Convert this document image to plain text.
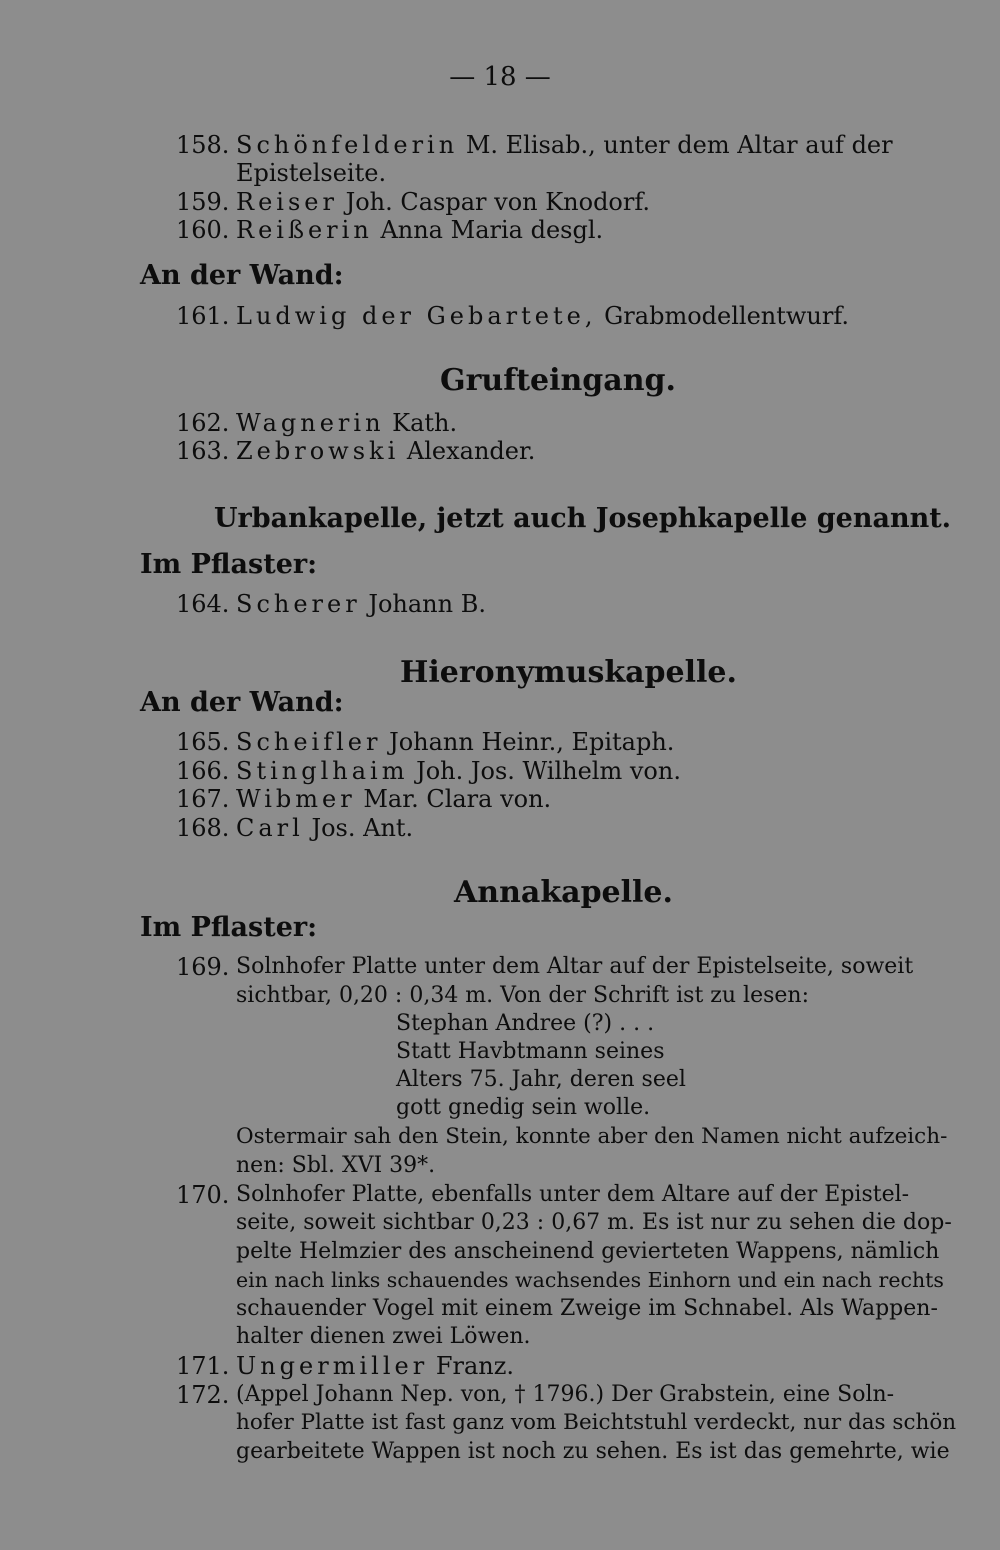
— 18 —
158. Schönfelderin M. Elisab., unter dem Altar auf der
Epistelseite.
159. Reiser Joh. Caspar von Knodorf.
160. Reißerin Anna Maria desgl.
An der Wand:
161. Ludwig der Gebartete, Grabmodellentwurf.
Grufteingang.
162. Wagnerin Kath.
163. Zebrowski Alexander.
Urbankapelle, jetzt auch Josephkapelle genannt.
Im Pflaster:
164. Scherer Johann B.
Hieronymuskapelle.
An der Wand:
165. Scheifler Johann Heinr., Epitaph.
166. Stinglhaim Joh. Jos. Wilhelm von.
167. Wibmer Mar. Clara von.
168. Carl Jos. Ant.
Annakapelle.
Im Pflaster:
169. Solnhofer Platte unter dem Altar auf der Epistelseite, soweit
sichtbar, 0,20 : 0,34 m. Von der Schrift ist zu lesen:
Stephan Andree (?) . . .
Statt Havbtmann seines
Alters 75. Jahr, deren seel
gott gnedig sein wolle.
Ostermair sah den Stein, konnte aber den Namen nicht aufzeich-
nen: Sbl. XVI 39*.
170. Solnhofer Platte, ebenfalls unter dem Altare auf der Epistel-
seite, soweit sichtbar 0,23 : 0,67 m. Es ist nur zu sehen die dop-
pelte Helmzier des anscheinend gevierteten Wappens, nämlich
ein nach links schauendes wachsendes Einhorn und ein nach rechts
schauender Vogel mit einem Zweige im Schnabel. Als Wappen-
halter dienen zwei Löwen.
171. Ungermiller Franz.
172. (Appel Johann Nep. von, † 1796.) Der Grabstein, eine Soln-
hofer Platte ist fast ganz vom Beichtstuhl verdeckt, nur das schön
gearbeitete Wappen ist noch zu sehen. Es ist das gemehrte, wie
